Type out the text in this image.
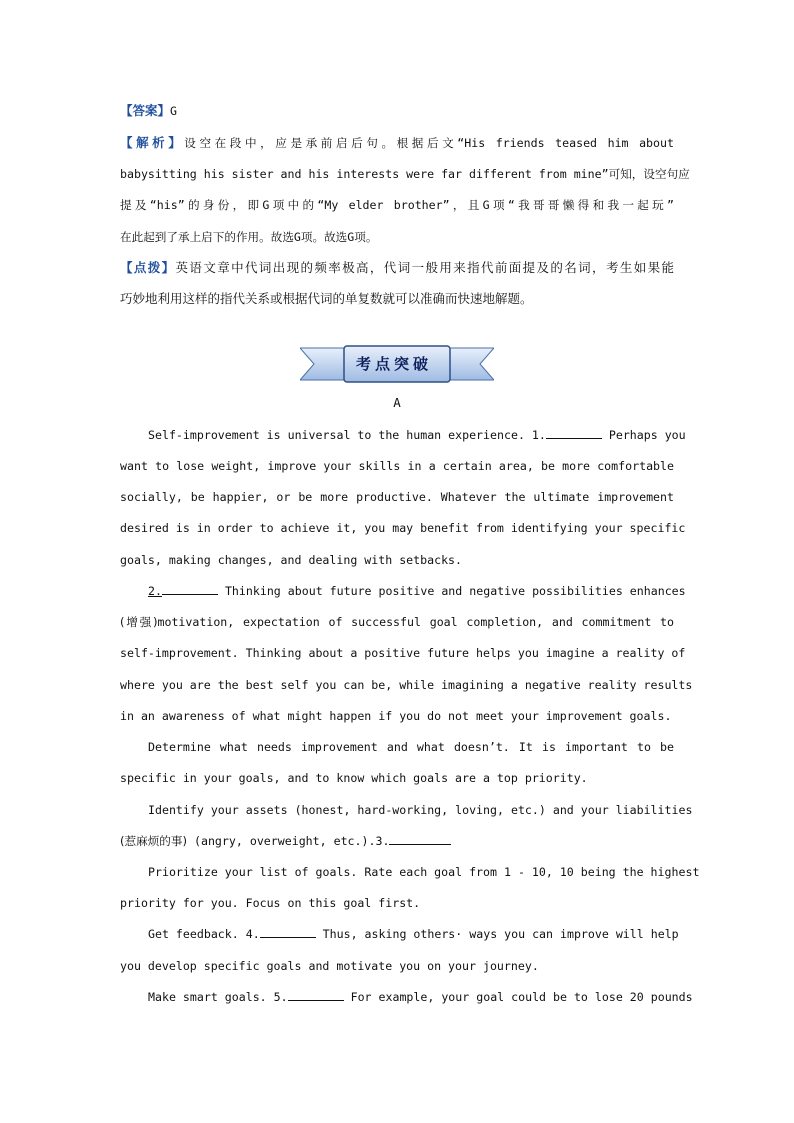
【答案】G
【解析】设空在段中，应是承前启后句。根据后文“His friends teased him about
babysitting his sister and his interests were far different from mine”可知，设空句应
提及“his”的身份，即G项中的“My elder brother”，且G项“我哥哥懒得和我一起玩”
在此起到了承上启下的作用。故选G项。故选G项。
【点拨】英语文章中代词出现的频率极高，代词一般用来指代前面提及的名词，考生如果能
巧妙地利用这样的指代关系或根据代词的单复数就可以准确而快速地解题。
考点突破
A
Self-improvement is universal to the human experience. 1.	Perhaps you
want to lose weight, improve your skills in a certain area, be more comfortable
socially, be happier, or be more productive. Whatever the ultimate improvement
desired is in order to achieve it, you may benefit from identifying your specific
goals, making changes, and dealing with setbacks.
2.	Thinking about future positive and negative possibilities enhances
(增强)motivation, expectation of successful goal completion, and commitment to
self-improvement. Thinking about a positive future helps you imagine a reality of
where you are the best self you can be, while imagining a negative reality results
in an awareness of what might happen if you do not meet your improvement goals.
Determine what needs improvement and what doesn’t. It is important to be
specific in your goals, and to know which goals are a top priority.
Identify your assets (honest, hard-working, loving, etc.) and your liabilities
(惹麻烦的事) (angry, overweight, etc.).3.
Prioritize your list of goals. Rate each goal from 1 - 10, 10 being the highest
priority for you. Focus on this goal first.
Get feedback. 4.	Thus, asking others· ways you can improve will help
you develop specific goals and motivate you on your journey.
Make smart goals. 5.	For example, your goal could be to lose 20 pounds
